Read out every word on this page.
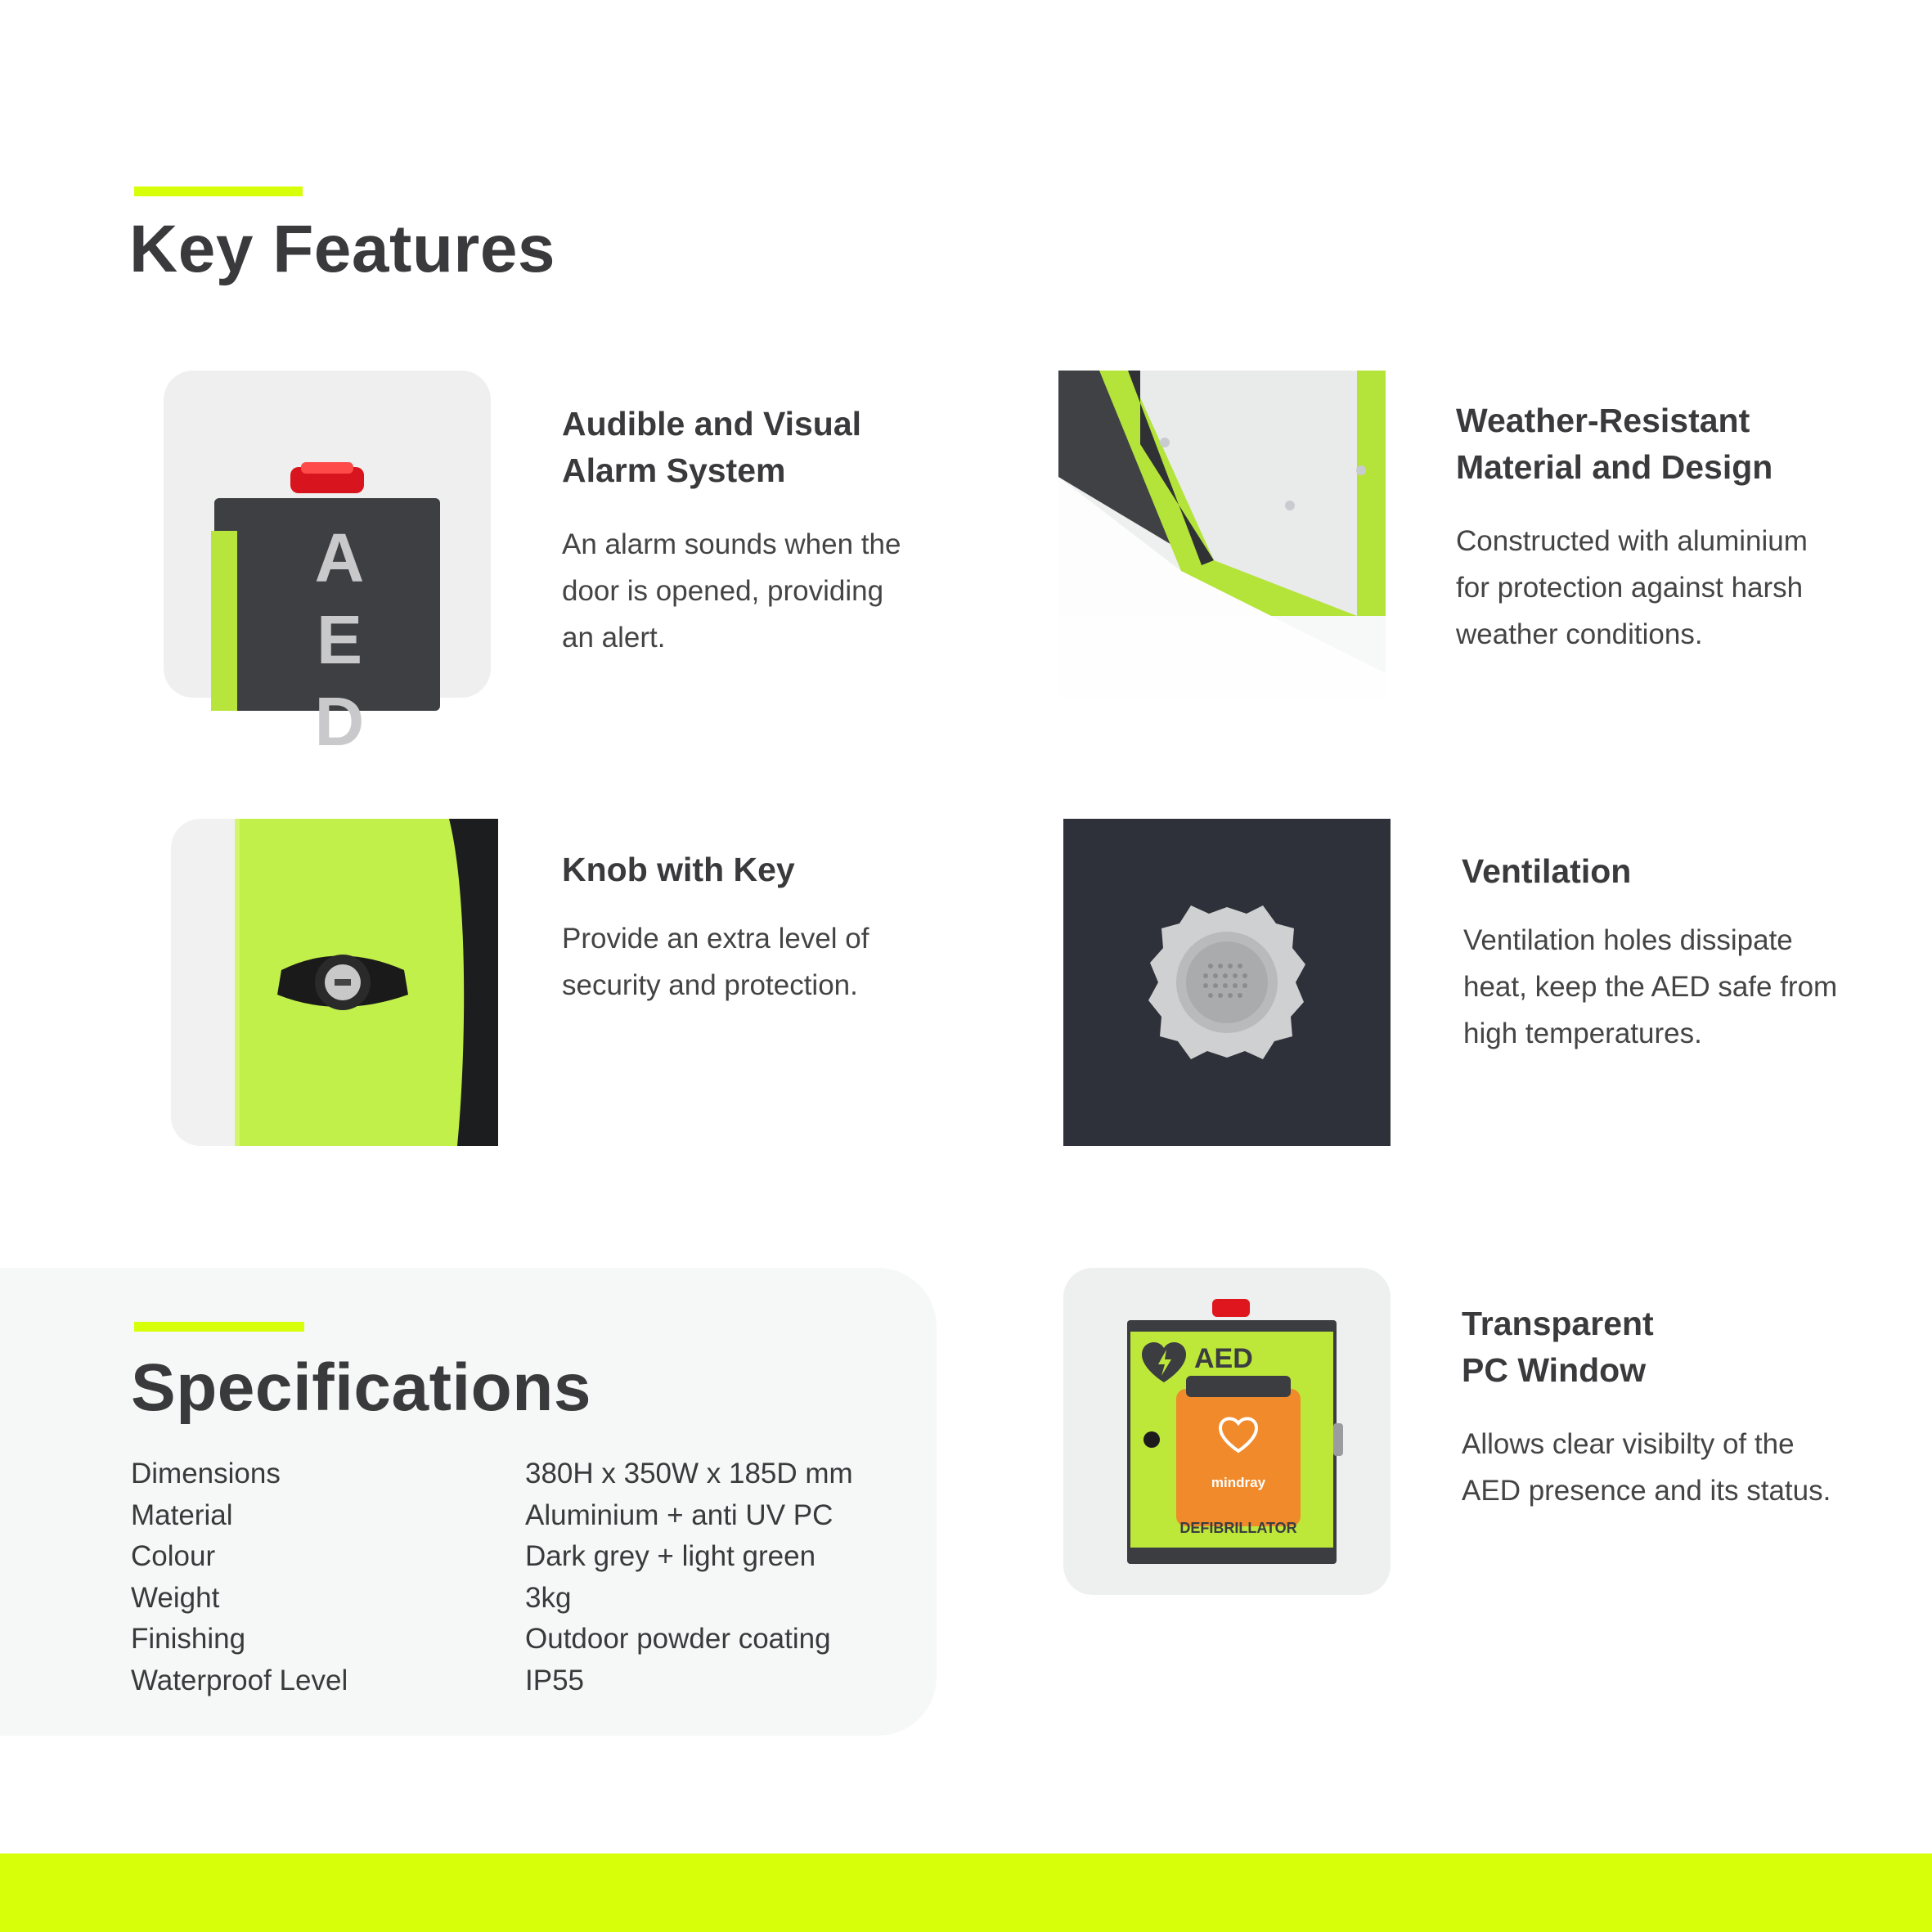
Key Features
A
E
D
Audible and Visual
Alarm System
An alarm sounds when the
door is opened, providing
an alert.
Weather-Resistant
Material and Design
Constructed with aluminium
for protection against harsh
weather conditions.
Knob with Key
Provide an extra level of
security and protection.
Ventilation
Ventilation holes dissipate
heat, keep the AED safe from
high temperatures.
Specifications
Dimensions	380H x 350W x 185D mm
Material	Aluminium + anti UV PC
Colour	Dark grey + light green
Weight	3kg
Finishing	Outdoor powder coating
Waterproof Level	IP55
AED
mindray
DEFIBRILLATOR
Transparent
PC Window
Allows clear visibilty of the
AED presence and its status.
